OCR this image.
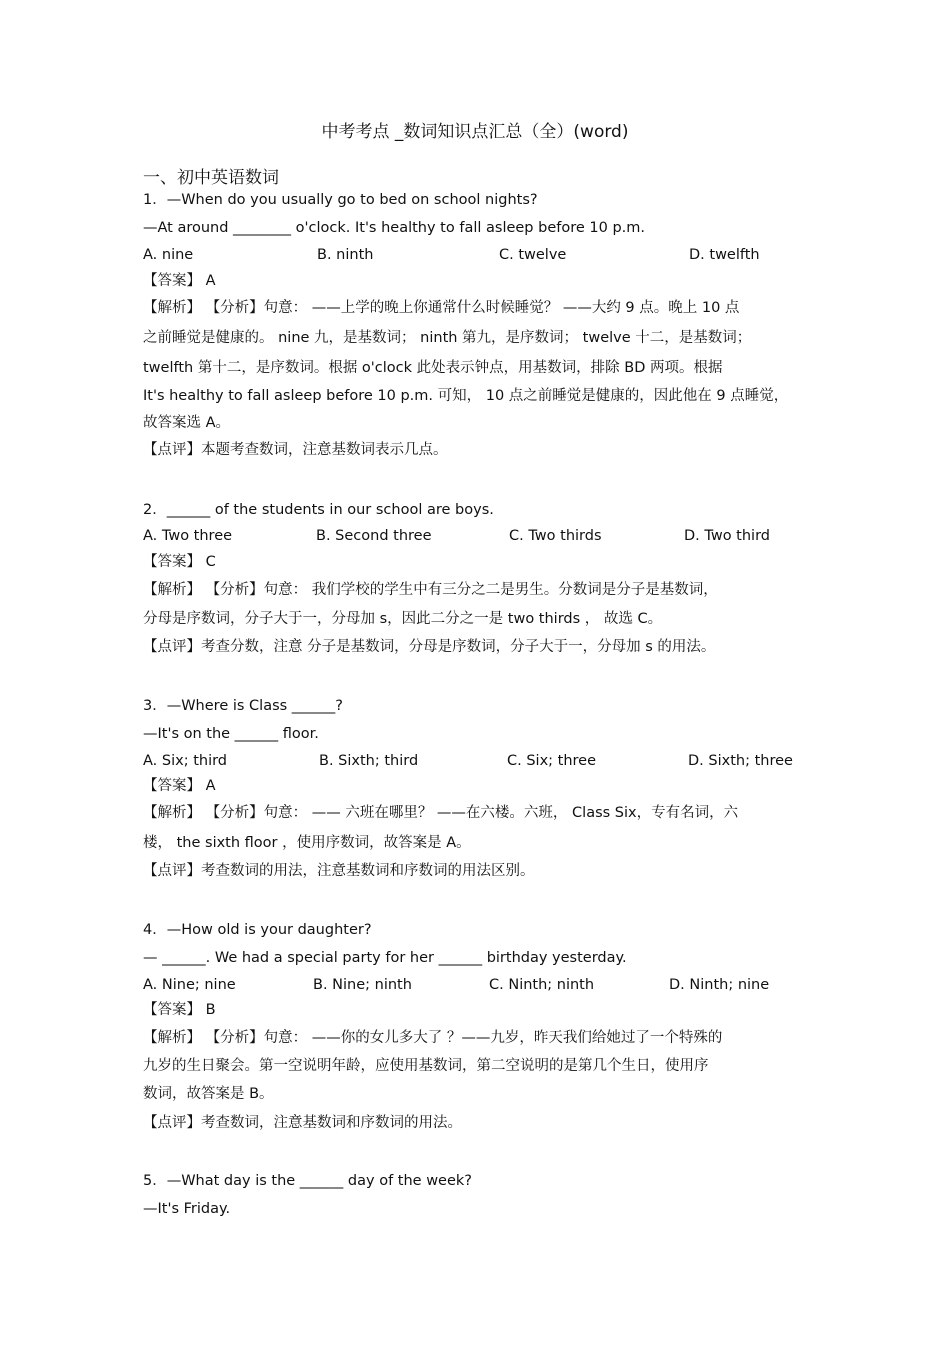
中考考点 _数词知识点汇总（全）(word)
一、初中英语数词
1．—When do you usually go to bed on school nights?
—At around ________ o'clock. It's healthy to fall asleep before 10 p.m.
A. nine	B. ninth	C. twelve	D. twelfth
【答案】 A
【解析】 【分析】句意： ——上学的晚上你通常什么时候睡觉？ ——大约 9 点。晚上 10 点
之前睡觉是健康的。 nine 九，是基数词； ninth 第九，是序数词； twelve 十二，是基数词；
twelfth 第十二，是序数词。根据 o'clock 此处表示钟点，用基数词，排除 BD 两项。根据
It's healthy to fall asleep before 10 p.m. 可知， 10 点之前睡觉是健康的，因此他在 9 点睡觉，
故答案选 A。
【点评】本题考查数词，注意基数词表示几点。
2．______ of the students in our school are boys.
A. Two three	B. Second three	C. Two thirds	D. Two third
【答案】 C
【解析】 【分析】句意： 我们学校的学生中有三分之二是男生。分数词是分子是基数词，
分母是序数词，分子大于一，分母加 s，因此二分之一是 two thirds ， 故选 C。
【点评】考查分数，注意 分子是基数词，分母是序数词，分子大于一，分母加 s 的用法。
3．—Where is Class ______?
—It's on the ______ floor.
A. Six; third	B. Sixth; third	C. Six; three	D. Sixth; three
【答案】 A
【解析】 【分析】句意： —— 六班在哪里？ ——在六楼。六班， Class Six，专有名词，六
楼， the sixth floor ，使用序数词，故答案是 A。
【点评】考查数词的用法，注意基数词和序数词的用法区别。
4．—How old is your daughter?
— ______. We had a special party for her ______ birthday yesterday.
A. Nine; nine	B. Nine; ninth	C. Ninth; ninth	D. Ninth; nine
【答案】 B
【解析】 【分析】句意： ——你的女儿多大了 ？——九岁，昨天我们给她过了一个特殊的
九岁的生日聚会。第一空说明年龄，应使用基数词，第二空说明的是第几个生日，使用序
数词，故答案是 B。
【点评】考查数词，注意基数词和序数词的用法。
5．—What day is the ______ day of the week?
—It's Friday.
